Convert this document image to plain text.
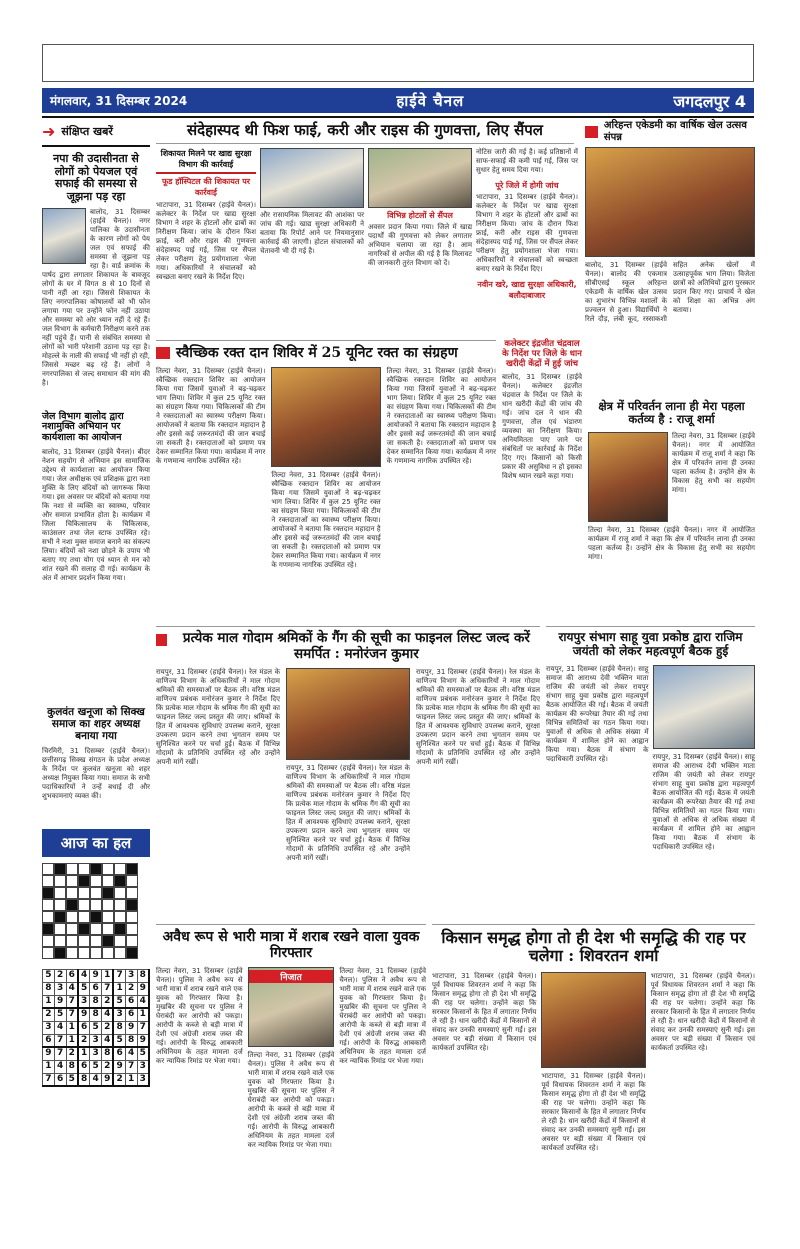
मंगलवार, 31 दिसम्बर 2024	हाईवे चैनल	जगदलपुर 4
➜ संक्षिप्त खबरें
नपा की उदासीनता से लोगों को पेयजल एवं सफाई की समस्या से जूझना पड़ रहा
बालोद, 31 दिसम्बर (हाईवे चैनल)। नगर पालिका के उदासीनता के कारण लोगों को पेय जल एवं सफाई की समस्या से जूझना पड़ रहा है। वार्ड क्रमांक के पार्षद द्वारा लगातार शिकायत के बावजूद लोगों के घर में विगत 8 से 10 दिनों से पानी नहीं आ रहा। जिससे शिकायत के लिए नगरपालिका कोषालयों को भी फोन लगाया गया पर उन्होंने फोन नहीं उठाया और समस्या को ओर ध्यान नहीं दे रहे हैं। जल विभाग के कर्मचारी निरीक्षण करने तक नहीं पहुंचे हैं। पानी से संबंधित समस्या से लोगों को भारी परेशानी उठाना पड़ रहा है। मोहल्ले के नाली की सफाई भी नहीं हो रही, जिससे मच्छर बढ़ रहे हैं। लोगों ने नगरपालिका से जल्द समाधान की मांग की है।
जेल विभाग बालोद द्वारा नशामुक्ति अभियान पर कार्यशाला का आयोजन
बालोद, 31 दिसम्बर (हाईवे चैनल)। बीदर नेशन सहयोग से अभियान इस सामाजिक उद्देश्य से कार्यशाला का आयोजन किया गया। जेल अधीक्षक एवं प्रशिक्षक द्वारा नशा मुक्ति के लिए बंदियों को जागरूक किया गया। इस अवसर पर बंदियों को बताया गया कि नशा से व्यक्ति का स्वास्थ्य, परिवार और समाज प्रभावित होता है। कार्यक्रम में जिला चिकित्सालय के चिकित्सक, काउंसलर तथा जेल स्टाफ उपस्थित रहे। सभी ने नशा मुक्त समाज बनाने का संकल्प लिया। बंदियों को नशा छोड़ने के उपाय भी बताए गए तथा योग एवं ध्यान से मन को शांत रखने की सलाह दी गई। कार्यक्रम के अंत में आभार प्रदर्शन किया गया।
कुलवंत खनूजा को सिक्ख समाज का शहर अध्यक्ष बनाया गया
चिरमिरी, 31 दिसम्बर (हाईवे चैनल)। छत्तीसगढ़ सिक्ख संगठन के प्रदेश अध्यक्ष के निर्देश पर कुलवंत खनूजा को शहर अध्यक्ष नियुक्त किया गया। समाज के सभी पदाधिकारियों ने उन्हें बधाई दी और शुभकामनाएं व्यक्त कीं।
आज का हल
5	2	6	4	9	1	7	3	8
8	3	4	5	6	7	1	2	9
1	9	7	3	8	2	5	6	4
2	5	7	9	8	4	3	6	1
3	4	1	6	5	2	8	9	7
6	7	1	2	3	4	5	8	9
9	7	2	1	3	8	6	4	5
1	4	8	6	5	2	9	7	3
7	6	5	8	4	9	2	1	3
संदेहास्पद थी फिश फाई, करी और राइस की गुणवत्ता, लिए सैंपल
शिकायत मिलने पर खाद्य सुरक्षा विभाग की कार्रवाई
फूड हॉस्पिटल की शिकायत पर कार्रवाई
भाटापारा, 31 दिसम्बर (हाईवे चैनल)। कलेक्टर के निर्देश पर खाद्य सुरक्षा विभाग ने शहर के होटलों और ढाबों का निरीक्षण किया। जांच के दौरान फिश फ्राई, करी और राइस की गुणवत्ता संदेहास्पद पाई गई, जिस पर सैंपल लेकर परीक्षण हेतु प्रयोगशाला भेजा गया। अधिकारियों ने संचालकों को स्वच्छता बनाए रखने के निर्देश दिए।
और रासायनिक मिलावट की आशंका पर जांच की गई। खाद्य सुरक्षा अधिकारी ने बताया कि रिपोर्ट आने पर नियमानुसार कार्रवाई की जाएगी। होटल संचालकों को चेतावनी भी दी गई है।
विभिन्न होटलों से सैंपल
अवसर प्रदान किया गया। जिले में खाद्य पदार्थों की गुणवत्ता को लेकर लगातार अभियान चलाया जा रहा है। आम नागरिकों से अपील की गई है कि मिलावट की जानकारी तुरंत विभाग को दें।
नोटिस जारी की गई है। कई प्रतिष्ठानों में साफ-सफाई की कमी पाई गई, जिस पर सुधार हेतु समय दिया गया।
पूरे जिले में होगी जांच
भाटापारा, 31 दिसम्बर (हाईवे चैनल)। कलेक्टर के निर्देश पर खाद्य सुरक्षा विभाग ने शहर के होटलों और ढाबों का निरीक्षण किया। जांच के दौरान फिश फ्राई, करी और राइस की गुणवत्ता संदेहास्पद पाई गई, जिस पर सैंपल लेकर परीक्षण हेतु प्रयोगशाला भेजा गया। अधिकारियों ने संचालकों को स्वच्छता बनाए रखने के निर्देश दिए।
नवीन खरे, खाद्य सुरक्षा अधिकारी, बलौदाबाजार
अरिहन्त एकेडमी का वार्षिक खेल उत्सव संपन्न
बालोद, 31 दिसम्बर (हाईवे चैनल)। बालोद की एकमात्र सीबीएसई स्कूल अरिहन्त एकेडमी के वार्षिक खेल उत्सव का शुभारंभ विभिन्न मशालों के प्रज्वलन से हुआ। विद्यार्थियों ने रिले दौड़, लंबी कूद, रस्साकशी सहित अनेक खेलों में उत्साहपूर्वक भाग लिया। विजेता छात्रों को अतिथियों द्वारा पुरस्कार प्रदान किए गए। प्राचार्य ने खेल को शिक्षा का अभिन्न अंग बताया।
स्वैच्छिक रक्त दान शिविर में 25 यूनिट रक्त का संग्रहण
तिल्दा नेवरा, 31 दिसम्बर (हाईवे चैनल)। स्वैच्छिक रक्तदान शिविर का आयोजन किया गया जिसमें युवाओं ने बढ़-चढ़कर भाग लिया। शिविर में कुल 25 यूनिट रक्त का संग्रहण किया गया। चिकित्सकों की टीम ने रक्तदाताओं का स्वास्थ्य परीक्षण किया। आयोजकों ने बताया कि रक्तदान महादान है और इससे कई जरूरतमंदों की जान बचाई जा सकती है। रक्तदाताओं को प्रमाण पत्र देकर सम्मानित किया गया। कार्यक्रम में नगर के गणमान्य नागरिक उपस्थित रहे।
तिल्दा नेवरा, 31 दिसम्बर (हाईवे चैनल)। स्वैच्छिक रक्तदान शिविर का आयोजन किया गया जिसमें युवाओं ने बढ़-चढ़कर भाग लिया। शिविर में कुल 25 यूनिट रक्त का संग्रहण किया गया। चिकित्सकों की टीम ने रक्तदाताओं का स्वास्थ्य परीक्षण किया। आयोजकों ने बताया कि रक्तदान महादान है और इससे कई जरूरतमंदों की जान बचाई जा सकती है। रक्तदाताओं को प्रमाण पत्र देकर सम्मानित किया गया। कार्यक्रम में नगर के गणमान्य नागरिक उपस्थित रहे।
तिल्दा नेवरा, 31 दिसम्बर (हाईवे चैनल)। स्वैच्छिक रक्तदान शिविर का आयोजन किया गया जिसमें युवाओं ने बढ़-चढ़कर भाग लिया। शिविर में कुल 25 यूनिट रक्त का संग्रहण किया गया। चिकित्सकों की टीम ने रक्तदाताओं का स्वास्थ्य परीक्षण किया। आयोजकों ने बताया कि रक्तदान महादान है और इससे कई जरूरतमंदों की जान बचाई जा सकती है। रक्तदाताओं को प्रमाण पत्र देकर सम्मानित किया गया। कार्यक्रम में नगर के गणमान्य नागरिक उपस्थित रहे।
कलेक्टर इंद्रजीत चंद्रवाल के निर्देश पर जिले के धान खरीदी केंद्रों में हुई जांच
बालोद, 31 दिसम्बर (हाईवे चैनल)। कलेक्टर इंद्रजीत चंद्रवाल के निर्देश पर जिले के धान खरीदी केंद्रों की जांच की गई। जांच दल ने धान की गुणवत्ता, तौल एवं भंडारण व्यवस्था का निरीक्षण किया। अनियमितता पाए जाने पर संबंधितों पर कार्रवाई के निर्देश दिए गए। किसानों को किसी प्रकार की असुविधा न हो इसका विशेष ध्यान रखने कहा गया।
क्षेत्र में परिवर्तन लाना ही मेरा पहला कर्तव्य है : राजू शर्मा
तिल्दा नेवरा, 31 दिसम्बर (हाईवे चैनल)। नगर में आयोजित कार्यक्रम में राजू शर्मा ने कहा कि क्षेत्र में परिवर्तन लाना ही उनका पहला कर्तव्य है। उन्होंने क्षेत्र के विकास हेतु सभी का सहयोग मांगा।
तिल्दा नेवरा, 31 दिसम्बर (हाईवे चैनल)। नगर में आयोजित कार्यक्रम में राजू शर्मा ने कहा कि क्षेत्र में परिवर्तन लाना ही उनका पहला कर्तव्य है। उन्होंने क्षेत्र के विकास हेतु सभी का सहयोग मांगा।
प्रत्येक माल गोदाम श्रमिकों के गैंग की सूची का फाइनल लिस्ट जल्द करें समर्पित : मनोरंजन कुमार
रायपुर, 31 दिसम्बर (हाईवे चैनल)। रेल मंडल के वाणिज्य विभाग के अधिकारियों ने माल गोदाम श्रमिकों की समस्याओं पर बैठक ली। वरिष्ठ मंडल वाणिज्य प्रबंधक मनोरंजन कुमार ने निर्देश दिए कि प्रत्येक माल गोदाम के श्रमिक गैंग की सूची का फाइनल लिस्ट जल्द प्रस्तुत की जाए। श्रमिकों के हित में आवश्यक सुविधाएं उपलब्ध कराने, सुरक्षा उपकरण प्रदान करने तथा भुगतान समय पर सुनिश्चित करने पर चर्चा हुई। बैठक में विभिन्न गोदामों के प्रतिनिधि उपस्थित रहे और उन्होंने अपनी मांगें रखीं।
रायपुर, 31 दिसम्बर (हाईवे चैनल)। रेल मंडल के वाणिज्य विभाग के अधिकारियों ने माल गोदाम श्रमिकों की समस्याओं पर बैठक ली। वरिष्ठ मंडल वाणिज्य प्रबंधक मनोरंजन कुमार ने निर्देश दिए कि प्रत्येक माल गोदाम के श्रमिक गैंग की सूची का फाइनल लिस्ट जल्द प्रस्तुत की जाए। श्रमिकों के हित में आवश्यक सुविधाएं उपलब्ध कराने, सुरक्षा उपकरण प्रदान करने तथा भुगतान समय पर सुनिश्चित करने पर चर्चा हुई। बैठक में विभिन्न गोदामों के प्रतिनिधि उपस्थित रहे और उन्होंने अपनी मांगें रखीं।
रायपुर, 31 दिसम्बर (हाईवे चैनल)। रेल मंडल के वाणिज्य विभाग के अधिकारियों ने माल गोदाम श्रमिकों की समस्याओं पर बैठक ली। वरिष्ठ मंडल वाणिज्य प्रबंधक मनोरंजन कुमार ने निर्देश दिए कि प्रत्येक माल गोदाम के श्रमिक गैंग की सूची का फाइनल लिस्ट जल्द प्रस्तुत की जाए। श्रमिकों के हित में आवश्यक सुविधाएं उपलब्ध कराने, सुरक्षा उपकरण प्रदान करने तथा भुगतान समय पर सुनिश्चित करने पर चर्चा हुई। बैठक में विभिन्न गोदामों के प्रतिनिधि उपस्थित रहे और उन्होंने अपनी मांगें रखीं।
रायपुर संभाग साहू युवा प्रकोष्ठ द्वारा राजिम जयंती को लेकर महत्वपूर्ण बैठक हुई
रायपुर, 31 दिसम्बर (हाईवे चैनल)। साहू समाज की आराध्य देवी भक्तिन माता राजिम की जयंती को लेकर रायपुर संभाग साहू युवा प्रकोष्ठ द्वारा महत्वपूर्ण बैठक आयोजित की गई। बैठक में जयंती कार्यक्रम की रूपरेखा तैयार की गई तथा विभिन्न समितियों का गठन किया गया। युवाओं से अधिक से अधिक संख्या में कार्यक्रम में शामिल होने का आह्वान किया गया। बैठक में संभाग के पदाधिकारी उपस्थित रहे।	रायपुर, 31 दिसम्बर (हाईवे चैनल)। साहू समाज की आराध्य देवी भक्तिन माता राजिम की जयंती को लेकर रायपुर संभाग साहू युवा प्रकोष्ठ द्वारा महत्वपूर्ण बैठक आयोजित की गई। बैठक में जयंती कार्यक्रम की रूपरेखा तैयार की गई तथा विभिन्न समितियों का गठन किया गया। युवाओं से अधिक से अधिक संख्या में कार्यक्रम में शामिल होने का आह्वान किया गया। बैठक में संभाग के पदाधिकारी उपस्थित रहे।
अवैध रूप से भारी मात्रा में शराब रखने वाला युवक गिरफ्तार
तिल्दा नेवरा, 31 दिसम्बर (हाईवे चैनल)। पुलिस ने अवैध रूप से भारी मात्रा में शराब रखने वाले एक युवक को गिरफ्तार किया है। मुखबिर की सूचना पर पुलिस ने घेराबंदी कर आरोपी को पकड़ा। आरोपी के कब्जे से बड़ी मात्रा में देशी एवं अंग्रेजी शराब जब्त की गई। आरोपी के विरुद्ध आबकारी अधिनियम के तहत मामला दर्ज कर न्यायिक रिमांड पर भेजा गया।
निजात
तिल्दा नेवरा, 31 दिसम्बर (हाईवे चैनल)। पुलिस ने अवैध रूप से भारी मात्रा में शराब रखने वाले एक युवक को गिरफ्तार किया है। मुखबिर की सूचना पर पुलिस ने घेराबंदी कर आरोपी को पकड़ा। आरोपी के कब्जे से बड़ी मात्रा में देशी एवं अंग्रेजी शराब जब्त की गई। आरोपी के विरुद्ध आबकारी अधिनियम के तहत मामला दर्ज कर न्यायिक रिमांड पर भेजा गया।
तिल्दा नेवरा, 31 दिसम्बर (हाईवे चैनल)। पुलिस ने अवैध रूप से भारी मात्रा में शराब रखने वाले एक युवक को गिरफ्तार किया है। मुखबिर की सूचना पर पुलिस ने घेराबंदी कर आरोपी को पकड़ा। आरोपी के कब्जे से बड़ी मात्रा में देशी एवं अंग्रेजी शराब जब्त की गई। आरोपी के विरुद्ध आबकारी अधिनियम के तहत मामला दर्ज कर न्यायिक रिमांड पर भेजा गया।
किसान समृद्ध होगा तो ही देश भी समृद्धि की राह पर चलेगा : शिवरतन शर्मा
भाटापारा, 31 दिसम्बर (हाईवे चैनल)। पूर्व विधायक शिवरतन शर्मा ने कहा कि किसान समृद्ध होगा तो ही देश भी समृद्धि की राह पर चलेगा। उन्होंने कहा कि सरकार किसानों के हित में लगातार निर्णय ले रही है। धान खरीदी केंद्रों में किसानों से संवाद कर उनकी समस्याएं सुनी गईं। इस अवसर पर बड़ी संख्या में किसान एवं कार्यकर्ता उपस्थित रहे।
भाटापारा, 31 दिसम्बर (हाईवे चैनल)। पूर्व विधायक शिवरतन शर्मा ने कहा कि किसान समृद्ध होगा तो ही देश भी समृद्धि की राह पर चलेगा। उन्होंने कहा कि सरकार किसानों के हित में लगातार निर्णय ले रही है। धान खरीदी केंद्रों में किसानों से संवाद कर उनकी समस्याएं सुनी गईं। इस अवसर पर बड़ी संख्या में किसान एवं कार्यकर्ता उपस्थित रहे।
भाटापारा, 31 दिसम्बर (हाईवे चैनल)। पूर्व विधायक शिवरतन शर्मा ने कहा कि किसान समृद्ध होगा तो ही देश भी समृद्धि की राह पर चलेगा। उन्होंने कहा कि सरकार किसानों के हित में लगातार निर्णय ले रही है। धान खरीदी केंद्रों में किसानों से संवाद कर उनकी समस्याएं सुनी गईं। इस अवसर पर बड़ी संख्या में किसान एवं कार्यकर्ता उपस्थित रहे।
